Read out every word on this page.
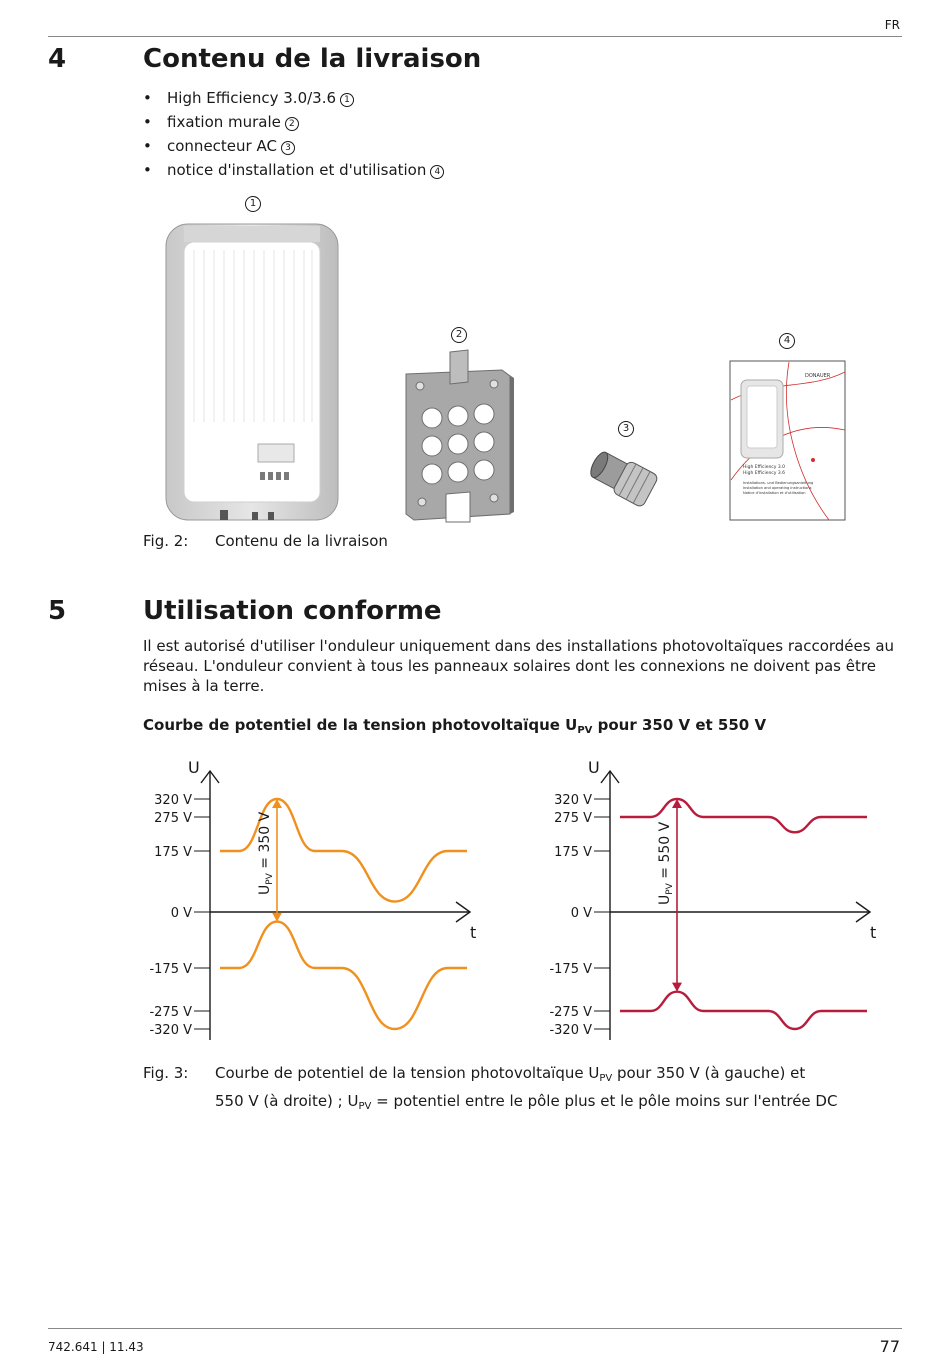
FR
4	Contenu de la livraison
• High Efficiency 3.0/3.6 1
• fixation murale 2
• connecteur AC 3
• notice d'installation et d'utilisation 4
1
2
3
4
DONAUER
High Efficiency 3.0
High Efficiency 3.6
Installations- und Bedienungsanleitung
Installation and operating instructions
Notice d'installation et d'utilisation
Fig. 2:	Contenu de la livraison
5	Utilisation conforme
Il est autorisé d'utiliser l'onduleur uniquement dans des installations photovoltaïques raccordées au réseau. L'onduleur convient à tous les panneaux solaires dont les connexions ne doivent pas être mises à la terre.
Courbe de potentiel de la tension photovoltaïque $U_{PV}$ pour 350 V et 550 V
U
t
320 V
275 V
175 V
0 V
-175 V
-275 V
-320 V
$U_{PV} = 350$ V
U
t
320 V
275 V
175 V
0 V
-175 V
-275 V
-320 V
$U_{PV} = 550$ V
Fig. 3:	Courbe de potentiel de la tension photovoltaïque $U_{PV}$ pour 350 V (à gauche) et
550 V (à droite) ; $U_{PV}$ = potentiel entre le pôle plus et le pôle moins sur l'entrée DC
742.641 | 11.43	77
